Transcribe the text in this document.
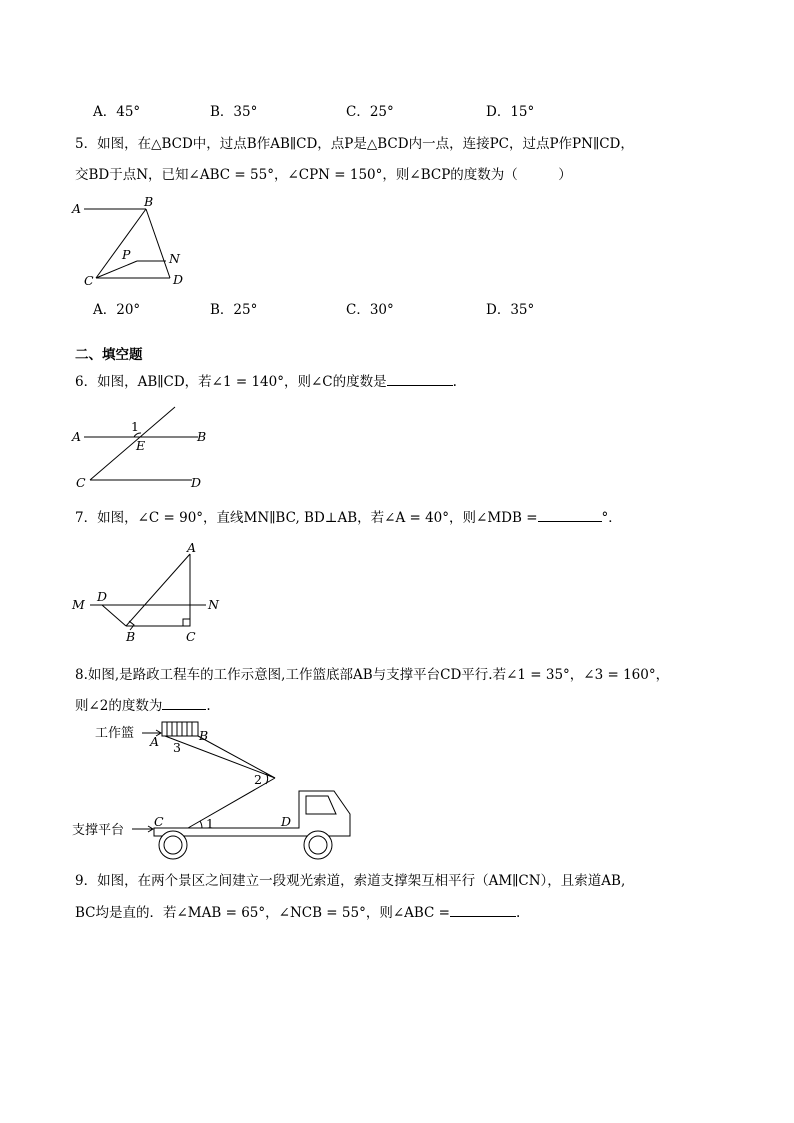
A．45°	B．35°	C．25°	D．15°
5．如图，在△BCD中，过点B作AB∥CD，点P是△BCD内一点，连接PC，过点P作PN∥CD，
交BD于点N，已知∠ABC = 55°，∠CPN = 150°，则∠BCP的度数为（　　　）
A	B
C	D
P	N
A．20°	B．25°	C．30°	D．35°
二、填空题
6．如图，AB∥CD，若∠1 = 140°，则∠C的度数是	.
A	B
C	D
E
1
7．如图，∠C = 90°，直线MN∥BC, BD⊥AB，若∠A = 40°，则∠MDB =	°．
A
B	C
D
M	N
8.如图,是路政工程车的工作示意图,工作篮底部AB与支撑平台CD平行.若∠1 = 35°，∠3 = 160°，
则∠2的度数为	.
工作篮
支撑平台
A	B
C	D
1
2
3
9．如图，在两个景区之间建立一段观光索道，索道支撑架互相平行（AM∥CN），且索道AB,
BC均是直的．若∠MAB = 65°，∠NCB = 55°，则∠ABC =	.
